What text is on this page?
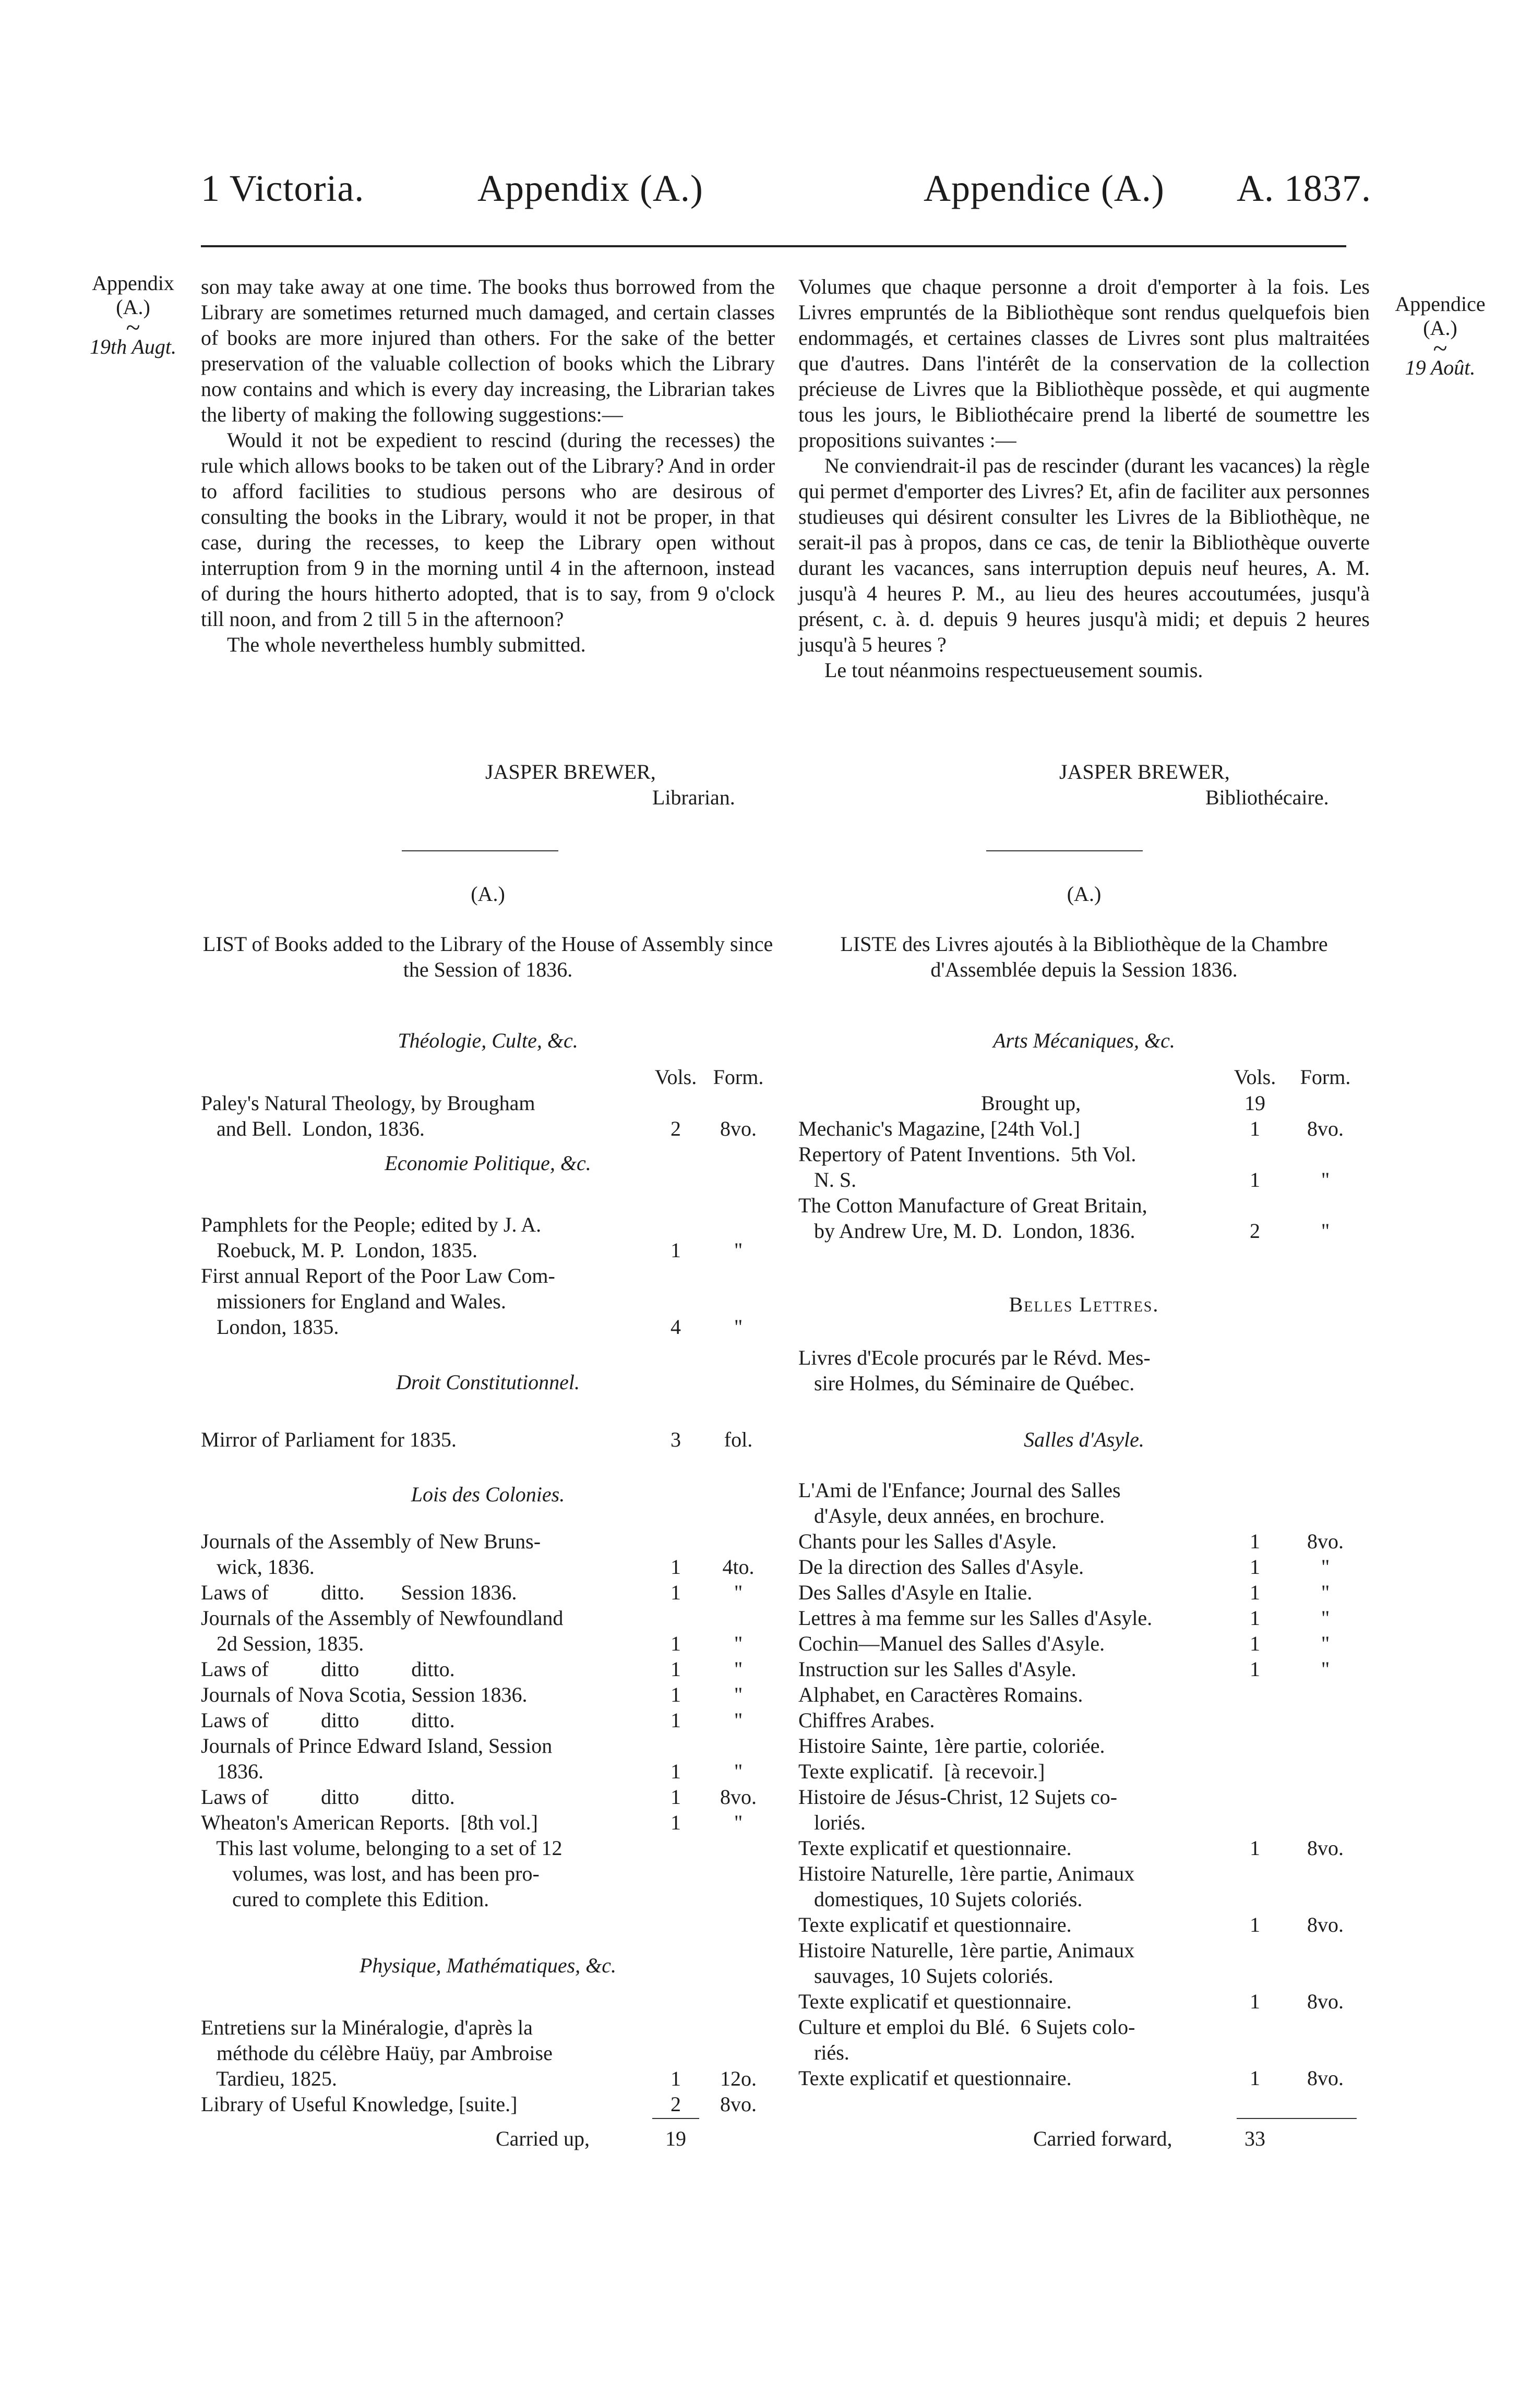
1 Victoria.	Appendix (A.)	Appendice (A.) A. 1837.
Appendix
(A.)
~
19th Augt.
Appendice
(A.)
~
19 Août.

son may take away at one time. The books thus borrowed from the Library are sometimes returned much damaged, and certain classes of books are more injured than others. For the sake of the better preservation of the valuable collection of books which the Library now contains and which is every day increasing, the Librarian takes the liberty of making the following suggestions:—

Would it not be expedient to rescind (during the recesses) the rule which allows books to be taken out of the Library? And in order to afford facilities to studious persons who are desirous of consulting the books in the Library, would it not be proper, in that case, during the recesses, to keep the Library open without interruption from 9 in the morning until 4 in the afternoon, instead of during the hours hitherto adopted, that is to say, from 9 o'clock till noon, and from 2 till 5 in the afternoon?

The whole nevertheless humbly submitted.

JASPER BREWER,
Librarian.

Volumes que chaque personne a droit d'emporter à la fois. Les Livres empruntés de la Bibliothèque sont rendus quelquefois bien endommagés, et certaines classes de Livres sont plus maltraitées que d'autres. Dans l'intérêt de la conservation de la collection précieuse de Livres que la Bibliothèque possède, et qui augmente tous les jours, le Bibliothécaire prend la liberté de soumettre les propositions suivantes :—

Ne conviendrait-il pas de rescinder (durant les vacances) la règle qui permet d'emporter des Livres? Et, afin de faciliter aux personnes studieuses qui désirent consulter les Livres de la Bibliothèque, ne serait-il pas à propos, dans ce cas, de tenir la Bibliothèque ouverte durant les vacances, sans interruption depuis neuf heures, A. M. jusqu'à 4 heures P. M., au lieu des heures accoutumées, jusqu'à présent, c. à. d. depuis 9 heures jusqu'à midi; et depuis 2 heures jusqu'à 5 heures ?

Le tout néanmoins respectueusement soumis.

JASPER BREWER,
Bibliothécaire.
(A.)	(A.)
LIST of Books added to the Library of the House of Assembly since the Session of 1836.
LISTE des Livres ajoutés à la Bibliothèque de la Chambre d'Assemblée depuis la Session 1836.
Vols. Form.	Vols.	Form.
Théologie, Culte, &c.
Economie Politique, &c.
Droit Constitutionnel.
Lois des Colonies.
Physique, Mathématiques, &c.
Paley's Natural Theology, by Brougham
and Bell.  London, 1836.	2	8vo.
Pamphlets for the People; edited by J. A.
Roebuck, M. P.  London, 1835.	1	"
First annual Report of the Poor Law Com-
missioners for England and Wales.
London, 1835.	4	"
Mirror of Parliament for 1835.	3	fol.
Journals of the Assembly of New Bruns-
wick, 1836.	1	4to.
Laws of          ditto.       Session 1836.	1	"
Journals of the Assembly of Newfoundland
2d Session, 1835.	1	"
Laws of          ditto          ditto.	1	"
Journals of Nova Scotia, Session 1836.	1	"
Laws of          ditto          ditto.	1	"
Journals of Prince Edward Island, Session
1836.	1	"
Laws of          ditto          ditto.	1	8vo.
Wheaton's American Reports.  [8th vol.]	1	"
This last volume, belonging to a set of 12
volumes, was lost, and has been pro-
cured to complete this Edition.
Entretiens sur la Minéralogie, d'après la
méthode du célèbre Haüy, par Ambroise
Tardieu, 1825.	1	12o.
Library of Useful Knowledge, [suite.]	2	8vo.
Arts Mécaniques, &c.
Belles Lettres.
Salles d'Asyle.
Brought up,	19
Mechanic's Magazine, [24th Vol.]	1	8vo.
Repertory of Patent Inventions.  5th Vol.
N. S.	1	"
The Cotton Manufacture of Great Britain,
by Andrew Ure, M. D.  London, 1836.	2	"
Livres d'Ecole procurés par le Révd. Mes-
sire Holmes, du Séminaire de Québec.
L'Ami de l'Enfance; Journal des Salles
d'Asyle, deux années, en brochure.
Chants pour les Salles d'Asyle.	1	8vo.
De la direction des Salles d'Asyle.	1	"
Des Salles d'Asyle en Italie.	1	"
Lettres à ma femme sur les Salles d'Asyle.	1	"
Cochin—Manuel des Salles d'Asyle.	1	"
Instruction sur les Salles d'Asyle.	1	"
Alphabet, en Caractères Romains.
Chiffres Arabes.
Histoire Sainte, 1ère partie, coloriée.
Texte explicatif.  [à recevoir.]
Histoire de Jésus-Christ, 12 Sujets co-
loriés.
Texte explicatif et questionnaire.	1	8vo.
Histoire Naturelle, 1ère partie, Animaux
domestiques, 10 Sujets coloriés.
Texte explicatif et questionnaire.	1	8vo.
Histoire Naturelle, 1ère partie, Animaux
sauvages, 10 Sujets coloriés.
Texte explicatif et questionnaire.	1	8vo.
Culture et emploi du Blé.  6 Sujets colo-
riés.
Texte explicatif et questionnaire.	1	8vo.
Carried up,	19	Carried forward,	33
